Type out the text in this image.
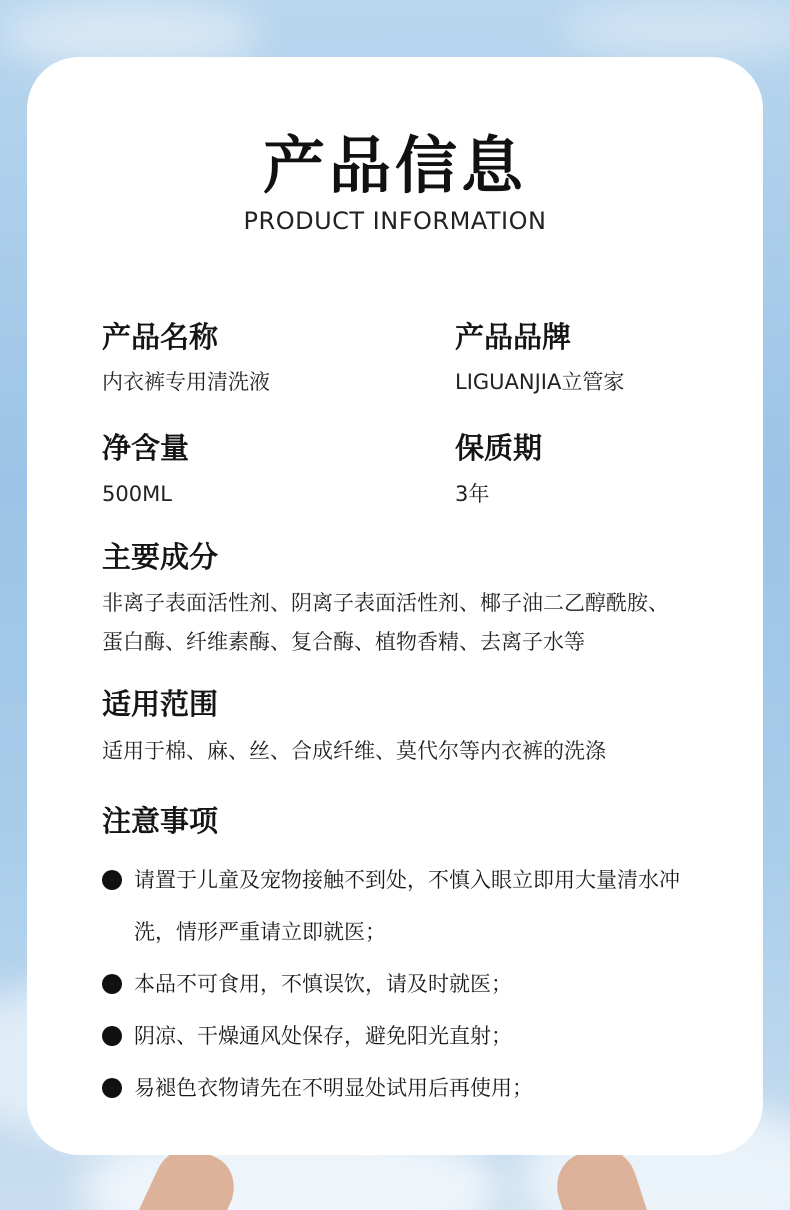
产品信息
PRODUCT INFORMATION
产品名称
内衣裤专用清洗液
产品品牌
LIGUANJIA立管家
净含量
500ML
保质期
3年
主要成分
非离子表面活性剂、阴离子表面活性剂、椰子油二乙醇酰胺、
蛋白酶、纤维素酶、复合酶、植物香精、去离子水等
适用范围
适用于棉、麻、丝、合成纤维、莫代尔等内衣裤的洗涤
注意事项
请置于儿童及宠物接触不到处，不慎入眼立即用大量清水冲
洗，情形严重请立即就医；
本品不可食用，不慎误饮，请及时就医；
阴凉、干燥通风处保存，避免阳光直射；
易褪色衣物请先在不明显处试用后再使用；
